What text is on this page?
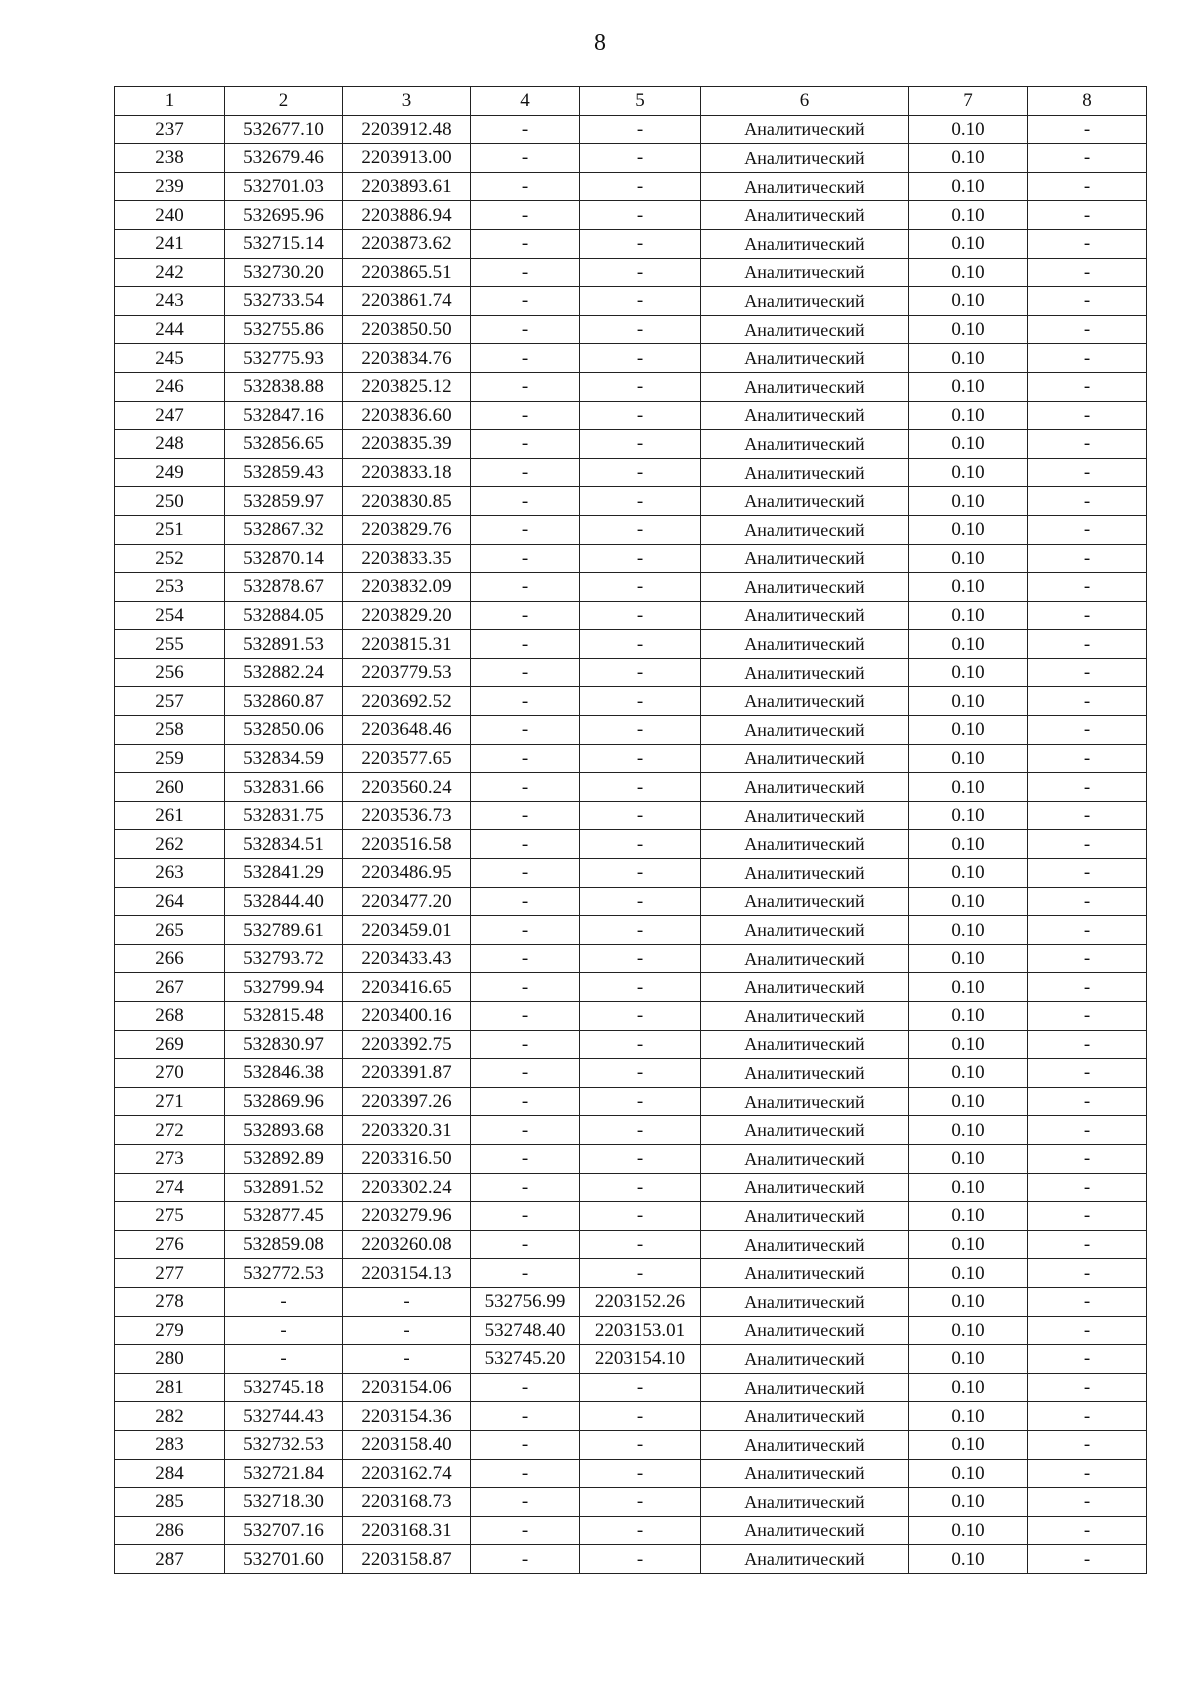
8
1	2	3	4	5	6	7	8
237	532677.10	2203912.48	-	-	Аналитический	0.10	-
238	532679.46	2203913.00	-	-	Аналитический	0.10	-
239	532701.03	2203893.61	-	-	Аналитический	0.10	-
240	532695.96	2203886.94	-	-	Аналитический	0.10	-
241	532715.14	2203873.62	-	-	Аналитический	0.10	-
242	532730.20	2203865.51	-	-	Аналитический	0.10	-
243	532733.54	2203861.74	-	-	Аналитический	0.10	-
244	532755.86	2203850.50	-	-	Аналитический	0.10	-
245	532775.93	2203834.76	-	-	Аналитический	0.10	-
246	532838.88	2203825.12	-	-	Аналитический	0.10	-
247	532847.16	2203836.60	-	-	Аналитический	0.10	-
248	532856.65	2203835.39	-	-	Аналитический	0.10	-
249	532859.43	2203833.18	-	-	Аналитический	0.10	-
250	532859.97	2203830.85	-	-	Аналитический	0.10	-
251	532867.32	2203829.76	-	-	Аналитический	0.10	-
252	532870.14	2203833.35	-	-	Аналитический	0.10	-
253	532878.67	2203832.09	-	-	Аналитический	0.10	-
254	532884.05	2203829.20	-	-	Аналитический	0.10	-
255	532891.53	2203815.31	-	-	Аналитический	0.10	-
256	532882.24	2203779.53	-	-	Аналитический	0.10	-
257	532860.87	2203692.52	-	-	Аналитический	0.10	-
258	532850.06	2203648.46	-	-	Аналитический	0.10	-
259	532834.59	2203577.65	-	-	Аналитический	0.10	-
260	532831.66	2203560.24	-	-	Аналитический	0.10	-
261	532831.75	2203536.73	-	-	Аналитический	0.10	-
262	532834.51	2203516.58	-	-	Аналитический	0.10	-
263	532841.29	2203486.95	-	-	Аналитический	0.10	-
264	532844.40	2203477.20	-	-	Аналитический	0.10	-
265	532789.61	2203459.01	-	-	Аналитический	0.10	-
266	532793.72	2203433.43	-	-	Аналитический	0.10	-
267	532799.94	2203416.65	-	-	Аналитический	0.10	-
268	532815.48	2203400.16	-	-	Аналитический	0.10	-
269	532830.97	2203392.75	-	-	Аналитический	0.10	-
270	532846.38	2203391.87	-	-	Аналитический	0.10	-
271	532869.96	2203397.26	-	-	Аналитический	0.10	-
272	532893.68	2203320.31	-	-	Аналитический	0.10	-
273	532892.89	2203316.50	-	-	Аналитический	0.10	-
274	532891.52	2203302.24	-	-	Аналитический	0.10	-
275	532877.45	2203279.96	-	-	Аналитический	0.10	-
276	532859.08	2203260.08	-	-	Аналитический	0.10	-
277	532772.53	2203154.13	-	-	Аналитический	0.10	-
278	-	-	532756.99	2203152.26	Аналитический	0.10	-
279	-	-	532748.40	2203153.01	Аналитический	0.10	-
280	-	-	532745.20	2203154.10	Аналитический	0.10	-
281	532745.18	2203154.06	-	-	Аналитический	0.10	-
282	532744.43	2203154.36	-	-	Аналитический	0.10	-
283	532732.53	2203158.40	-	-	Аналитический	0.10	-
284	532721.84	2203162.74	-	-	Аналитический	0.10	-
285	532718.30	2203168.73	-	-	Аналитический	0.10	-
286	532707.16	2203168.31	-	-	Аналитический	0.10	-
287	532701.60	2203158.87	-	-	Аналитический	0.10	-
